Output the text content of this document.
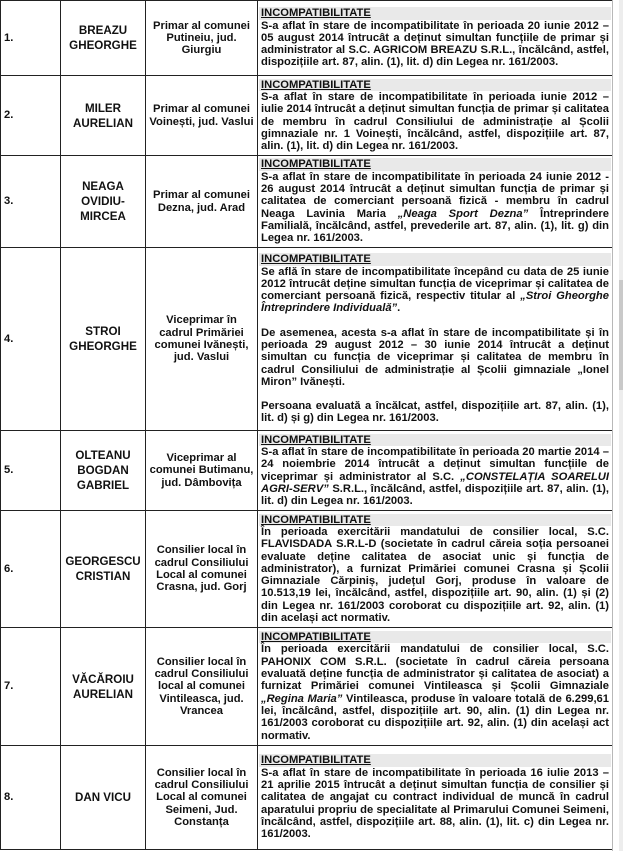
1.	BREAZU GHEORGHE	Primar al comunei Putineiu, jud. Giurgiu	INCOMPATIBILITATE
S-a aflat în stare de incompatibilitate în perioada 20 iunie 2012 – 05 august 2014 întrucât a deținut simultan funcțiile de primar și administrator al S.C. AGRICOM BREAZU S.R.L., încălcând, astfel, dispozițiile art. 87, alin. (1), lit. d) din Legea nr. 161/2003.

2.	MILER AURELIAN	Primar al comunei Voinești, jud. Vaslui	INCOMPATIBILITATE
S-a aflat în stare de incompatibilitate în perioada iunie 2012 – iulie 2014 întrucât a deținut simultan funcția de primar și calitatea de membru în cadrul Consiliului de administrație al Școlii gimnaziale nr. 1 Voinești, încălcând, astfel, dispozițiile art. 87, alin. (1), lit. d) din Legea nr. 161/2003.

3.	NEAGA OVIDIU-MIRCEA	Primar al comunei Dezna, jud. Arad	INCOMPATIBILITATE
S-a aflat în stare de incompatibilitate în perioada 24 iunie 2012 - 26 august 2014 întrucât a deținut simultan funcția de primar și calitatea de comerciant persoană fizică - membru în cadrul Neaga Lavinia Maria „Neaga Sport Dezna” Întreprindere Familială, încălcând, astfel, prevederile art. 87, alin. (1), lit. g) din Legea nr. 161/2003.

4.	STROI GHEORGHE	Viceprimar în cadrul Primăriei comunei Ivănești, jud. Vaslui	INCOMPATIBILITATE
Se află în stare de incompatibilitate începând cu data de 25 iunie 2012 întrucât deține simultan funcția de viceprimar și calitatea de comerciant persoană fizică, respectiv titular al „Stroi Gheorghe Întreprindere Individuală”.
De asemenea, acesta s-a aflat în stare de incompatibilitate și în perioada 29 august 2012 – 30 iunie 2014 întrucât a deținut simultan cu funcția de viceprimar și calitatea de membru în cadrul Consiliului de administrație al Școlii gimnaziale „Ionel Miron” Ivănești.
Persoana evaluată a încălcat, astfel, dispozițiile art. 87, alin. (1), lit. d) și g) din Legea nr. 161/2003.

5.	OLTEANU BOGDAN GABRIEL	Viceprimar al comunei Butimanu, jud. Dâmbovița	INCOMPATIBILITATE
S-a aflat în stare de incompatibilitate în perioada 20 martie 2014 – 24 noiembrie 2014 întrucât a deținut simultan funcțiile de viceprimar și administrator al S.C. „CONSTELAȚIA SOARELUI AGRI-SERV” S.R.L., încălcând, astfel, dispozițiile art. 87, alin. (1), lit. d) din Legea nr. 161/2003.

6.	GEORGESCU CRISTIAN	Consilier local în cadrul Consiliului Local al comunei Crasna, jud. Gorj	INCOMPATIBILITATE
În perioada exercitării mandatului de consilier local, S.C. FLAVISDADA S.R.L-D (societate în cadrul căreia soția persoanei evaluate deține calitatea de asociat unic și funcția de administrator), a furnizat Primăriei comunei Crasna și Școlii Gimnaziale Cărpiniș, județul Gorj, produse în valoare de 10.513,19 lei, încălcând, astfel, dispozițiile art. 90, alin. (1) și (2) din Legea nr. 161/2003 coroborat cu dispozițiile art. 92, alin. (1) din același act normativ.

7.	VĂCĂROIU AURELIAN	Consilier local în cadrul Consiliului local al comunei Vintileasca, jud. Vrancea	INCOMPATIBILITATE
În perioada exercitării mandatului de consilier local, S.C. PAHONIX COM S.R.L. (societate în cadrul căreia persoana evaluată deține funcția de administrator și calitatea de asociat) a furnizat Primăriei comunei Vintileasca și Școlii Gimnaziale „Regina Maria” Vintileasca, produse în valoare totală de 6.299,61 lei, încălcând, astfel, dispozițiile art. 90, alin. (1) din Legea nr. 161/2003 coroborat cu dispozițiile art. 92, alin. (1) din același act normativ.

8.	DAN VICU	Consilier local în cadrul Consiliului Local al comunei Seimeni, Jud. Constanța	INCOMPATIBILITATE
S-a aflat în stare de incompatibilitate în perioada 16 iulie 2013 – 21 aprilie 2015 întrucât a deținut simultan funcția de consilier și calitatea de angajat cu contract individual de muncă în cadrul aparatului propriu de specialitate al Primarului Comunei Seimeni, încălcând, astfel, dispozițiile art. 88, alin. (1), lit. c) din Legea nr. 161/2003.
